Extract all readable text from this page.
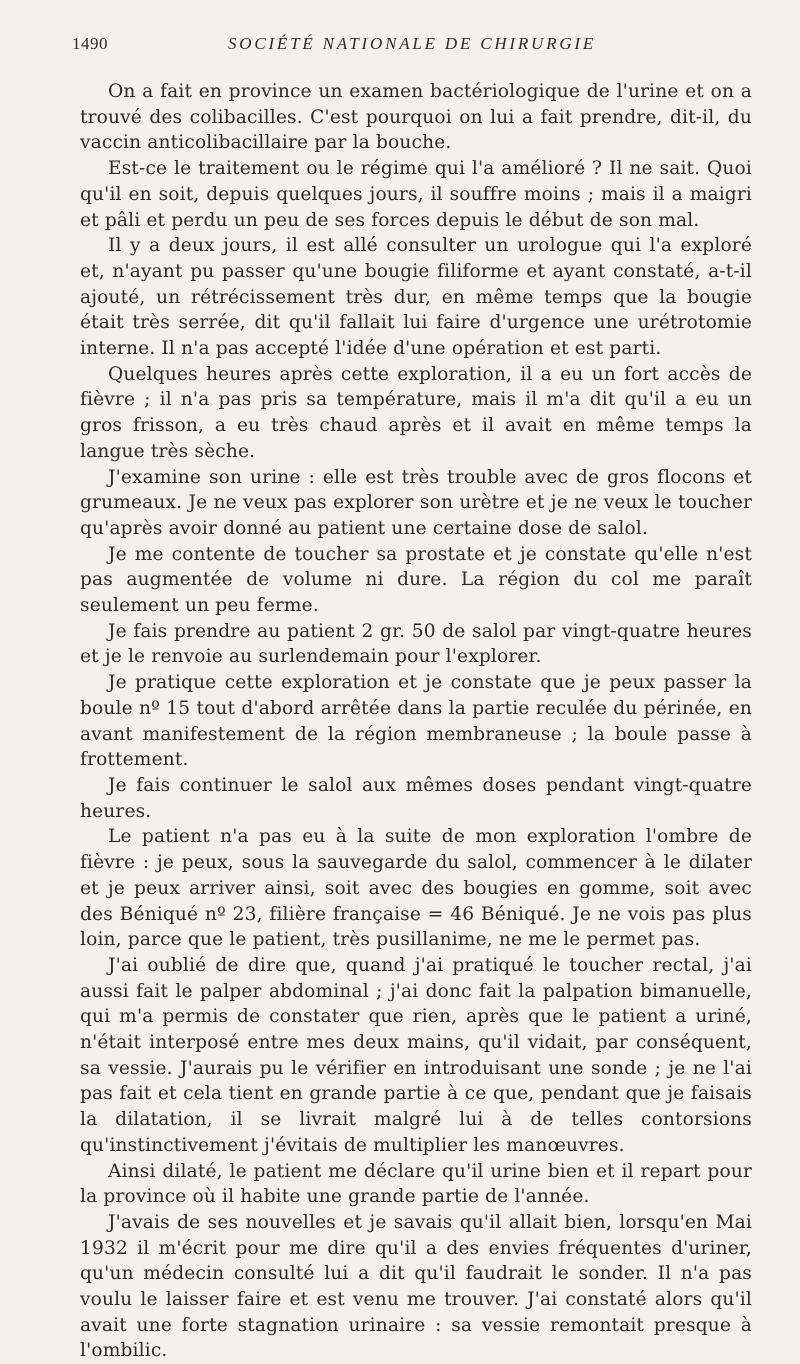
1490	SOCIÉTÉ NATIONALE DE CHIRURGIE

On a fait en province un examen bactériologique de l'urine et on a trouvé des colibacilles. C'est pourquoi on lui a fait prendre, dit-il, du vaccin anticolibacillaire par la bouche.

Est-ce le traitement ou le régime qui l'a amélioré ? Il ne sait. Quoi qu'il en soit, depuis quelques jours, il souffre moins ; mais il a maigri et pâli et perdu un peu de ses forces depuis le début de son mal.

Il y a deux jours, il est allé consulter un urologue qui l'a exploré et, n'ayant pu passer qu'une bougie filiforme et ayant constaté, a-t-il ajouté, un rétrécissement très dur, en même temps que la bougie était très serrée, dit qu'il fallait lui faire d'urgence une urétrotomie interne. Il n'a pas accepté l'idée d'une opération et est parti.

Quelques heures après cette exploration, il a eu un fort accès de fièvre ; il n'a pas pris sa température, mais il m'a dit qu'il a eu un gros frisson, a eu très chaud après et il avait en même temps la langue très sèche.

J'examine son urine : elle est très trouble avec de gros flocons et grumeaux. Je ne veux pas explorer son urètre et je ne veux le toucher qu'après avoir donné au patient une certaine dose de salol.

Je me contente de toucher sa prostate et je constate qu'elle n'est pas augmentée de volume ni dure. La région du col me paraît seulement un peu ferme.

Je fais prendre au patient 2 gr. 50 de salol par vingt-quatre heures et je le renvoie au surlendemain pour l'explorer.

Je pratique cette exploration et je constate que je peux passer la boule nº 15 tout d'abord arrêtée dans la partie reculée du périnée, en avant manifestement de la région membraneuse ; la boule passe à frottement.

Je fais continuer le salol aux mêmes doses pendant vingt-quatre heures.

Le patient n'a pas eu à la suite de mon exploration l'ombre de fièvre : je peux, sous la sauvegarde du salol, commencer à le dilater et je peux arriver ainsi, soit avec des bougies en gomme, soit avec des Béniqué nº 23, filière française = 46 Béniqué. Je ne vois pas plus loin, parce que le patient, très pusillanime, ne me le permet pas.

J'ai oublié de dire que, quand j'ai pratiqué le toucher rectal, j'ai aussi fait le palper abdominal ; j'ai donc fait la palpation bimanuelle, qui m'a permis de constater que rien, après que le patient a uriné, n'était interposé entre mes deux mains, qu'il vidait, par conséquent, sa vessie. J'aurais pu le vérifier en introduisant une sonde ; je ne l'ai pas fait et cela tient en grande partie à ce que, pendant que je faisais la dilatation, il se livrait malgré lui à de telles contorsions qu'instinctivement j'évitais de multiplier les manœuvres.

Ainsi dilaté, le patient me déclare qu'il urine bien et il repart pour la province où il habite une grande partie de l'année.

J'avais de ses nouvelles et je savais qu'il allait bien, lorsqu'en Mai 1932 il m'écrit pour me dire qu'il a des envies fréquentes d'uriner, qu'un médecin consulté lui a dit qu'il faudrait le sonder. Il n'a pas voulu le laisser faire et est venu me trouver. J'ai constaté alors qu'il avait une forte stagnation urinaire : sa vessie remontait presque à l'ombilic.
